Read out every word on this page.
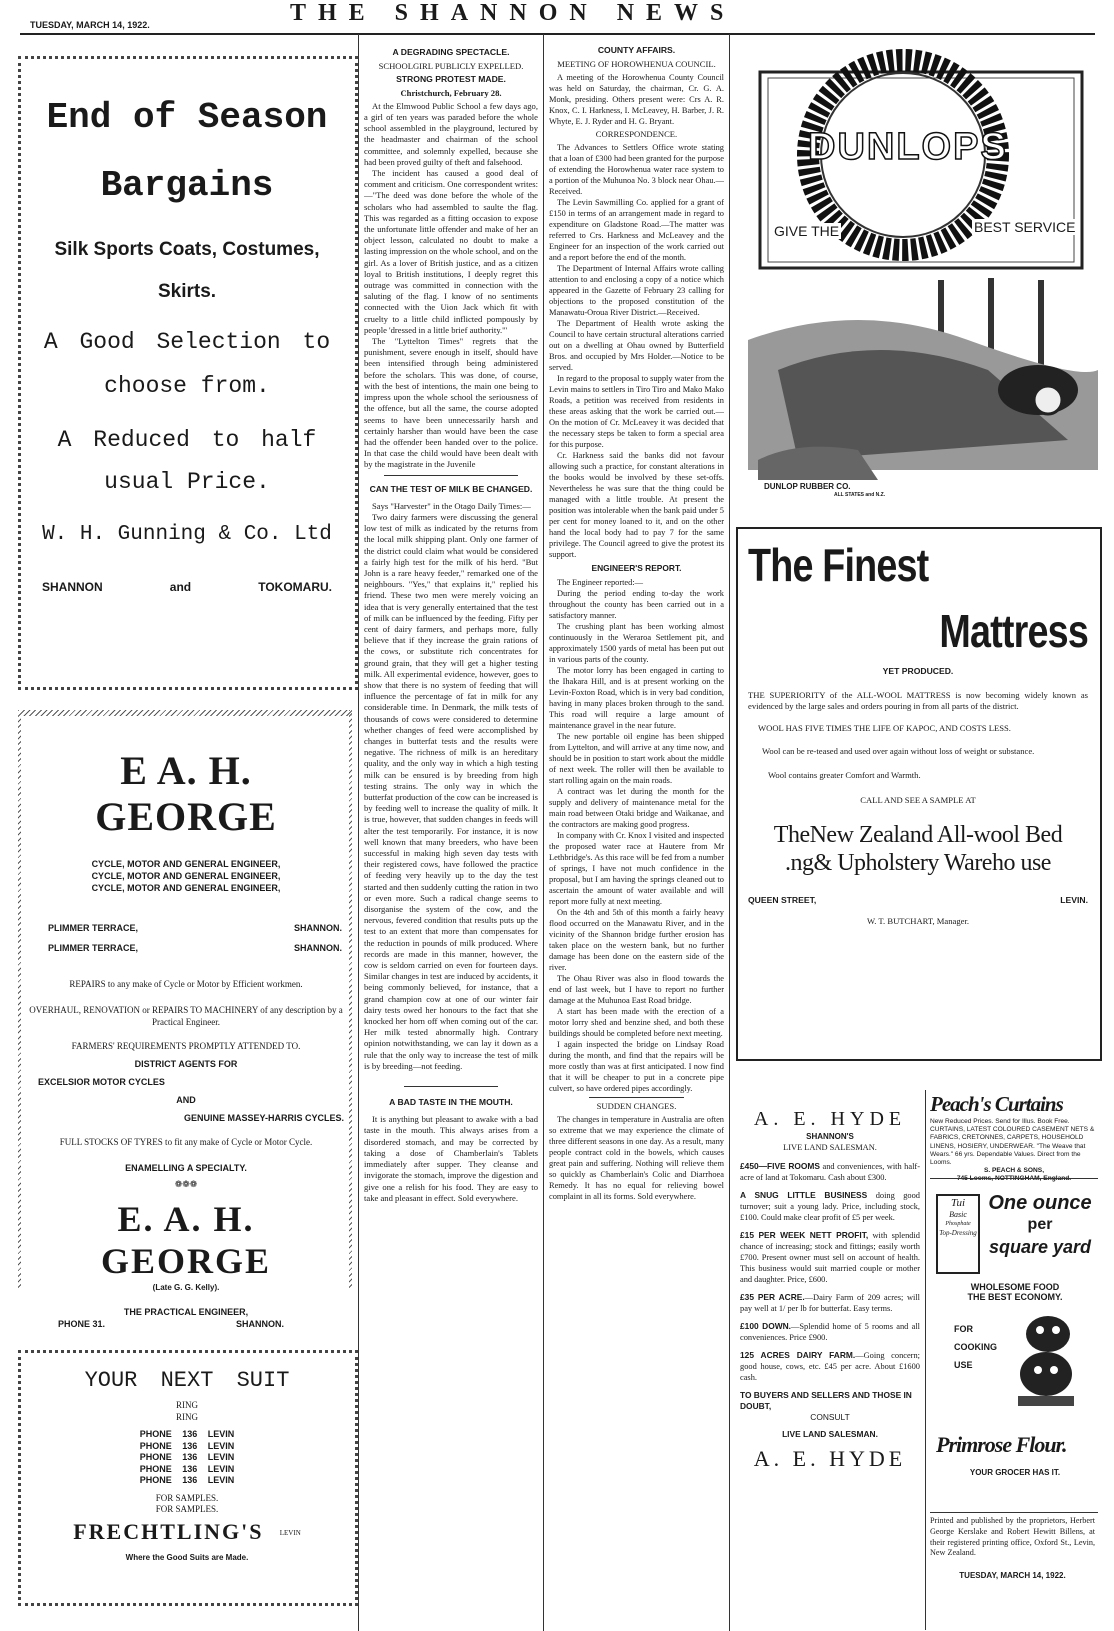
TUESDAY, MARCH 14, 1922.	THE SHANNON NEWS
End of Season
Bargains
Silk Sports Coats, Costumes,
Skirts.
A Good Selection to
choose from.
A Reduced to half
usual Price.
W. H. Gunning & Co. Ltd
SHANNON	and	TOKOMARU.
E A. H. GEORGE
CYCLE, MOTOR AND GENERAL ENGINEER,
CYCLE, MOTOR AND GENERAL ENGINEER,
CYCLE, MOTOR AND GENERAL ENGINEER,
PLIMMER TERRACE,	SHANNON.
PLIMMER TERRACE,	SHANNON.
REPAIRS to any make of Cycle or Motor by Efficient workmen.
OVERHAUL, RENOVATION or REPAIRS TO MACHINERY of any description by a Practical Engineer.
FARMERS' REQUIREMENTS PROMPTLY ATTENDED TO.
DISTRICT AGENTS FOR
EXCELSIOR MOTOR CYCLES
AND
GENUINE MASSEY-HARRIS CYCLES.
FULL STOCKS OF TYRES to fit any make of Cycle or Motor Cycle.
ENAMELLING A SPECIALTY.
❁❁❁
E. A. H. GEORGE
(Late G. G. Kelly).
THE PRACTICAL ENGINEER,
PHONE 31.	SHANNON.
YOUR NEXT SUIT
RING
RING
PHONE 136 LEVIN
PHONE 136 LEVIN
PHONE 136 LEVIN
PHONE 136 LEVIN
PHONE 136 LEVIN
FOR SAMPLES.
FOR SAMPLES.
FRECHTLING'S $^{LEVIN}$
Where the Good Suits are Made.
A DEGRADING SPECTACLE.
SCHOOLGIRL PUBLICLY EXPELLED.
STRONG PROTEST MADE.
Christchurch, February 28.

At the Elmwood Public School a few days ago, a girl of ten years was paraded before the whole school assembled in the playground, lectured by the headmaster and chairman of the school committee, and solemnly expelled, because she had been proved guilty of theft and falsehood.

The incident has caused a good deal of comment and criticism. One correspondent writes:—"The deed was done before the whole of the scholars who had assembled to saulte the flag. This was regarded as a fitting occasion to expose the unfortunate little offender and make of her an object lesson, calculated no doubt to make a lasting impression on the whole school, and on the girl. As a lover of British justice, and as a citizen loyal to British institutions, I deeply regret this outrage was committed in connection with the saluting of the flag. I know of no sentiments connected with the Uion Jack which fit with cruelty to a little child inflicted pompously by people 'dressed in a little brief authority.'"

The "Lyttelton Times" regrets that the punishment, severe enough in itself, should have been intensified through being administered before the scholars. This was done, of course, with the best of intentions, the main one being to impress upon the whole school the seriousness of the offence, but all the same, the course adopted seems to have been unnecessarily harsh and certainly harsher than would have been the case had the offender been handed over to the police. In that case the child would have been dealt with by the magistrate in the Juvenile

CAN THE TEST OF MILK BE CHANGED.

Says "Harvester" in the Otago Daily Times:—

Two dairy farmers were discussing the general low test of milk as indicated by the returns from the local milk shipping plant. Only one farmer of the district could claim what would be considered a fairly high test for the milk of his herd. "But John is a rare heavy feeder," remarked one of the neighbours. "Yes," that explains it," replied his friend. These two men were merely voicing an idea that is very generally entertained that the test of milk can be influenced by the feeding. Fifty per cent of dairy farmers, and perhaps more, fully believe that if they increase the grain rations of the cows, or substitute rich concentrates for ground grain, that they will get a higher testing milk. All experimental evidence, however, goes to show that there is no system of feeding that will influence the percentage of fat in milk for any considerable time. In Denmark, the milk tests of thousands of cows were considered to determine whether changes of feed were accomplished by changes in butterfat tests and the results were negative. The richness of milk is an hereditary quality, and the only way in which a high testing milk can be ensured is by breeding from high testing strains. The only way in which the butterfat production of the cow can be increased is by feeding well to increase the quality of milk. It is true, however, that sudden changes in feeds will alter the test temporarily. For instance, it is now well known that many breeders, who have been successful in making high seven day tests with their registered cows, have followed the practice of feeding very heavily up to the day the test started and then suddenly cutting the ration in two or even more. Such a radical change seems to disorganise the system of the cow, and the nervous, fevered condition that results puts up the test to an extent that more than compensates for the reduction in pounds of milk produced. Where records are made in this manner, however, the cow is seldom carried on even for fourteen days. Similar changes in test are induced by accidents, it being commonly believed, for instance, that a grand champion cow at one of our winter fair dairy tests owed her honours to the fact that she knocked her horn off when coming out of the car. Her milk tested abnormally high. Contrary opinion notwithstanding, we can lay it down as a rule that the only way to increase the test of milk is by breeding—not feeding.

A BAD TASTE IN THE MOUTH.

It is anything but pleasant to awake with a bad taste in the mouth. This always arises from a disordered stomach, and may be corrected by taking a dose of Chamberlain's Tablets immediately after supper. They cleanse and invigorate the stomach, improve the digestion and give one a relish for his food. They are easy to take and pleasant in effect. Sold everywhere.

COUNTY AFFAIRS.
MEETING OF HOROWHENUA COUNCIL.

A meeting of the Horowhenua County Council was held on Saturday, the chairman, Cr. G. A. Monk, presiding. Others present were: Crs A. R. Knox, C. I. Harkness, I. McLeavey, H. Barber, J. R. Whyte, E. J. Ryder and H. G. Bryant.

CORRESPONDENCE.

The Advances to Settlers Office wrote stating that a loan of £300 had been granted for the purpose of extending the Horowhenua water race system to a portion of the Muhunoa No. 3 block near Ohau.—Received.

The Levin Sawmilling Co. applied for a grant of £150 in terms of an arrangement made in regard to expenditure on Gladstone Road.—The matter was referred to Crs. Harkness and McLeavey and the Engineer for an inspection of the work carried out and a report before the end of the month.

The Department of Internal Affairs wrote calling attention to and enclosing a copy of a notice which appeared in the Gazette of February 23 calling for objections to the proposed constitution of the Manawatu-Oroua River District.—Received.

The Department of Health wrote asking the Council to have certain structural alterations carried out on a dwelling at Ohau owned by Butterfield Bros. and occupied by Mrs Holder.—Notice to be served.

In regard to the proposal to supply water from the Levin mains to settlers in Tiro Tiro and Mako Mako Roads, a petition was received from residents in these areas asking that the work be carried out.—On the motion of Cr. McLeavey it was decided that the necessary steps be taken to form a special area for this purpose.

Cr. Harkness said the banks did not favour allowing such a practice, for constant alterations in the books would be involved by these set-offs. Nevertheless he was sure that the thing could be managed with a little trouble. At present the position was intolerable when the bank paid under 5 per cent for money loaned to it, and on the other hand the local body had to pay 7 for the same privilege. The Council agreed to give the protest its support.

ENGINEER'S REPORT.

The Engineer reported:—

During the period ending to-day the work throughout the county has been carried out in a satisfactory manner.

The crushing plant has been working almost continuously in the Weraroa Settlement pit, and approximately 1500 yards of metal has been put out in various parts of the county.

The motor lorry has been engaged in carting to the Ihakara Hill, and is at present working on the Levin-Foxton Road, which is in very bad condition, having in many places broken through to the sand. This road will require a large amount of maintenance gravel in the near future.

The new portable oil engine has been shipped from Lyttelton, and will arrive at any time now, and should be in position to start work about the middle of next week. The roller will then be available to start rolling again on the main roads.

A contract was let during the month for the supply and delivery of maintenance metal for the main road between Otaki bridge and Waikanae, and the contractors are making good progress.

In company with Cr. Knox I visited and inspected the proposed water race at Hautere from Mr Lethbridge's. As this race will be fed from a number of springs, I have not much confidence in the proposal, but I am having the springs cleaned out to ascertain the amount of water available and will report more fully at next meeting.

On the 4th and 5th of this month a fairly heavy flood occurred on the Manawatu River, and in the vicinity of the Shannon bridge further erosion has taken place on the western bank, but no further damage has been done on the eastern side of the river.

The Ohau River was also in flood towards the end of last week, but I have to report no further damage at the Muhunoa East Road bridge.

A start has been made with the erection of a motor lorry shed and benzine shed, and both these buildings should be completed before next meeting.

I again inspected the bridge on Lindsay Road during the month, and find that the repairs will be more costly than was at first anticipated. I now find that it will be cheaper to put in a concrete pipe culvert, so have ordered pipes accordingly.

SUDDEN CHANGES.

The changes in temperature in Australia are often so extreme that we may experience the climate of three different seasons in one day. As a result, many people contract cold in the bowels, which causes great pain and suffering. Nothing will relieve them so quickly as Chamberlain's Colic and Diarrhoea Remedy. It has no equal for relieving bowel complaint in all its forms. Sold everywhere.

DUNLOPS
GIVE THE	BEST SERVICE
DUNLOP RUBBER CO.
ALL STATES and N.Z.
The Finest
Mattress
YET PRODUCED.

THE SUPERIORITY of the ALL-WOOL MATTRESS is now becoming widely known as evidenced by the large sales and orders pouring in from all parts of the district.

WOOL HAS FIVE TIMES THE LIFE OF KAPOC, AND COSTS LESS.

Wool can be re-teased and used over again without loss of weight or substance.

Wool contains greater Comfort and Warmth.

CALL AND SEE A SAMPLE AT
TheNew Zealand All-wool Bed
.ng& Upholstery Wareho use
QUEEN STREET,	LEVIN.
W. T. BUTCHART, Manager.
A. E. HYDE
SHANNON'S
LIVE LAND SALESMAN.

£450—FIVE ROOMS and conveniences, with half-acre of land at Tokomaru. Cash about £300.

A SNUG LITTLE BUSINESS doing good turnover; suit a young lady. Price, including stock, £100. Could make clear profit of £5 per week.

£15 PER WEEK NETT PROFIT, with splendid chance of increasing; stock and fittings; easily worth £700. Present owner must sell on account of health. This business would suit married couple or mother and daughter. Price, £600.

£35 PER ACRE.—Dairy Farm of 209 acres; will pay well at 1/ per lb for butterfat. Easy terms.

£100 DOWN.—Splendid home of 5 rooms and all conveniences. Price £900.

125 ACRES DAIRY FARM.—Going concern; good house, cows, etc. £45 per acre. About £1600 cash.

TO BUYERS AND SELLERS AND THOSE IN DOUBT,
CONSULT
LIVE LAND SALESMAN.
A. E. HYDE
Peach's Curtains
New Reduced Prices. Send for Illus. Book Free. CURTAINS, LATEST COLOURED CASEMENT NETS & FABRICS, CRETONNES, CARPETS, HOUSEHOLD LINENS, HOSIERY, UNDERWEAR. "The Weave that Wears." 66 yrs. Dependable Values. Direct from the Looms.
S. PEACH & SONS,
Tui
Basic
Phosphate
Top-Dressing
One ounce
per
square yard
WHOLESOME FOOD
THE BEST ECONOMY.
FOR
COOKING
USE
Primrose Flour.
YOUR GROCER HAS IT.
Printed and published by the proprietors, Herbert George Kerslake and Robert Hewitt Billens, at their registered printing office, Oxford St., Levin, New Zealand.
TUESDAY, MARCH 14, 1922.
